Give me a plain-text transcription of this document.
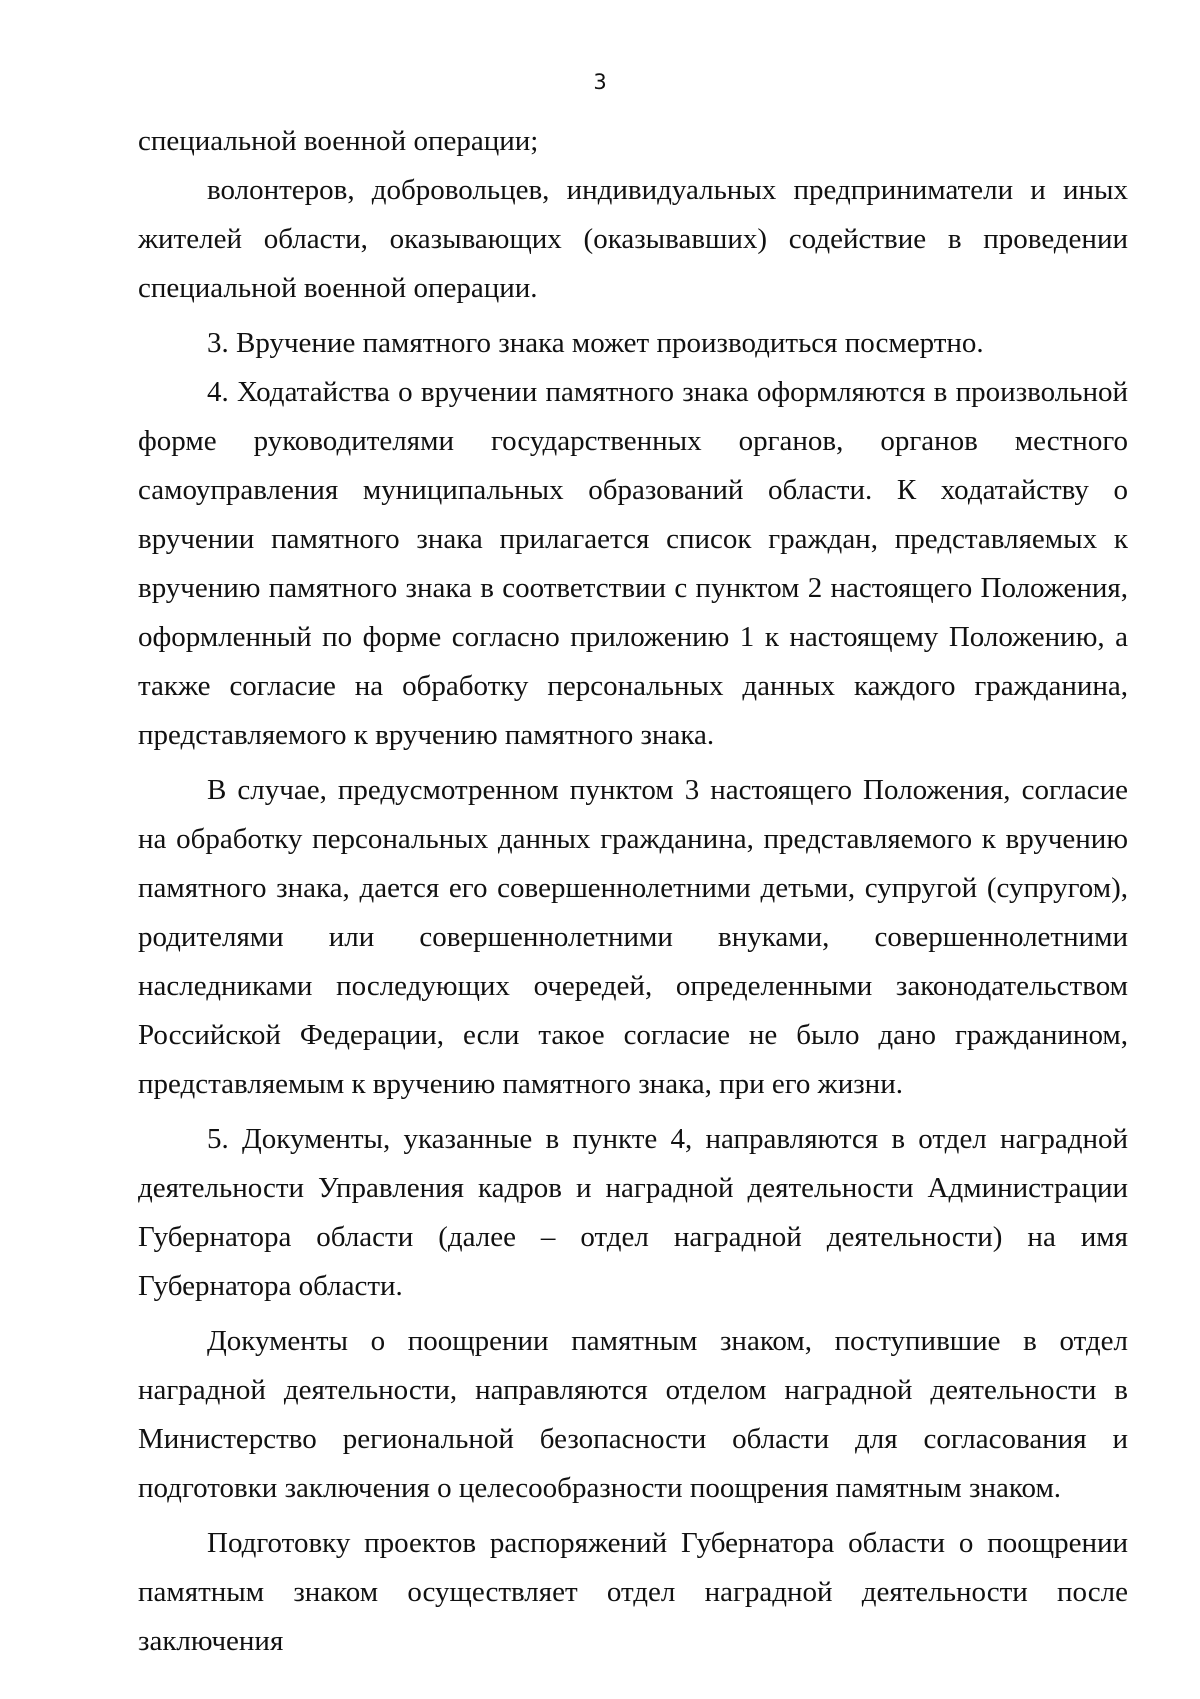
3

специальной военной операции;

волонтеров, добровольцев, индивидуальных предприниматели и иных жителей области, оказывающих (оказывавших) содействие в проведении специальной военной операции.

3. Вручение памятного знака может производиться посмертно.

4. Ходатайства о вручении памятного знака оформляются в произвольной форме руководителями государственных органов, органов местного самоуправления муниципальных образований области. К ходатайству о вручении памятного знака прилагается список граждан, представляемых к вручению памятного знака в соответствии с пунктом 2 настоящего Положения, оформленный по форме согласно приложению 1 к настоящему Положению, а также согласие на обработку персональных данных каждого гражданина, представляемого к вручению памятного знака.

В случае, предусмотренном пунктом 3 настоящего Положения, согласие на обработку персональных данных гражданина, представляемого к вручению памятного знака, дается его совершеннолетними детьми, супругой (супругом), родителями или совершеннолетними внуками, совершеннолетними наследниками последующих очередей, определенными законодательством Российской Федерации, если такое согласие не было дано гражданином, представляемым к вручению памятного знака, при его жизни.

5. Документы, указанные в пункте 4, направляются в отдел наградной деятельности Управления кадров и наградной деятельности Администрации Губернатора области (далее – отдел наградной деятельности) на имя Губернатора области.

Документы о поощрении памятным знаком, поступившие в отдел наградной деятельности, направляются отделом наградной деятельности в Министерство региональной безопасности области для согласования и подготовки заключения о целесообразности поощрения памятным знаком.

Подготовку проектов распоряжений Губернатора области о поощрении памятным знаком осуществляет отдел наградной деятельности после заключения
